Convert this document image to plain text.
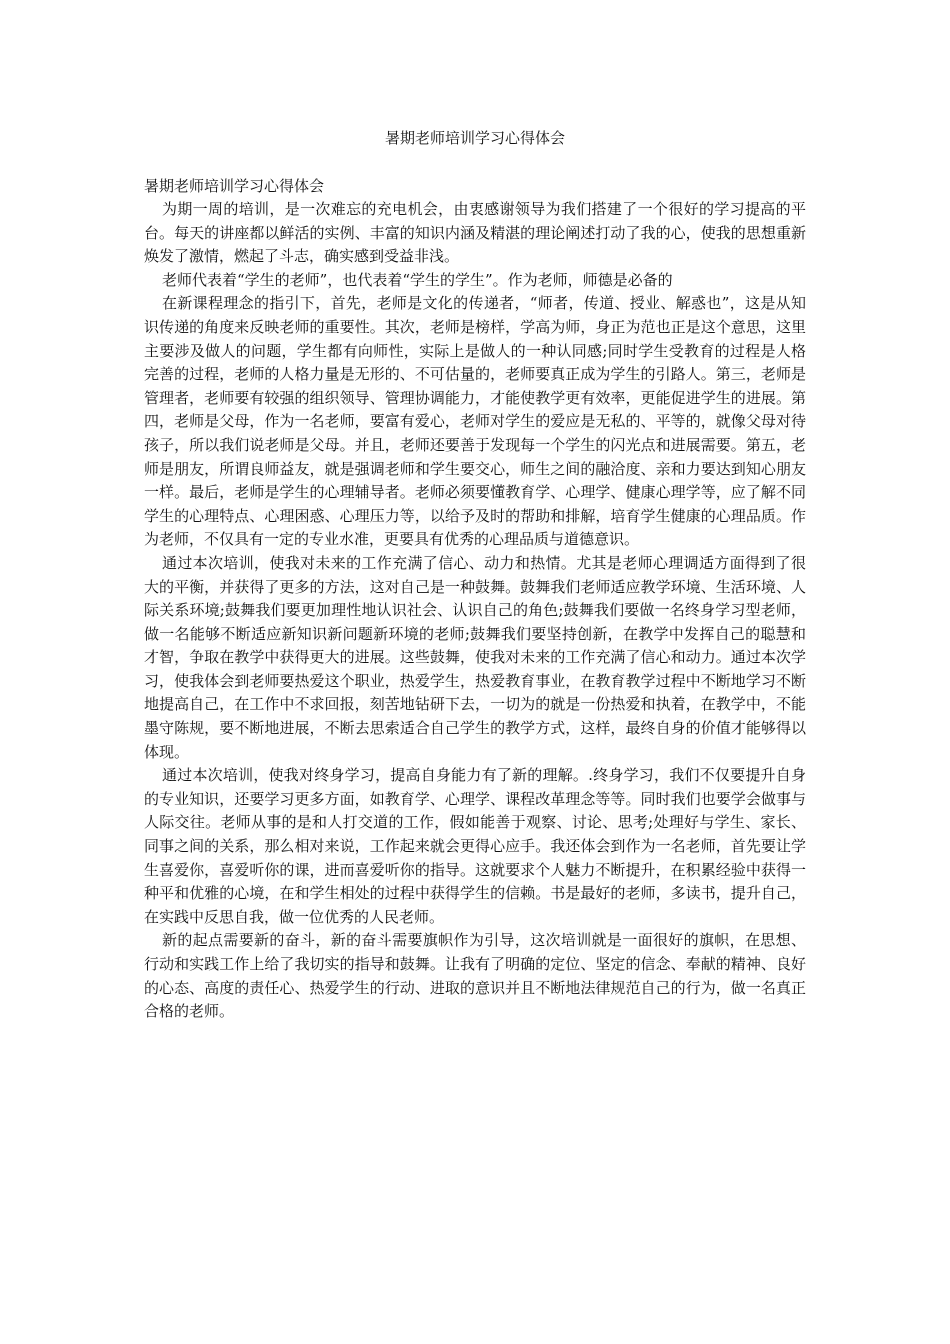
暑期老师培训学习心得体会

暑期老师培训学习心得体会

为期一周的培训，是一次难忘的充电机会，由衷感谢领导为我们搭建了一个很好的学习提高的平台。每天的讲座都以鲜活的实例、丰富的知识内涵及精湛的理论阐述打动了我的心，使我的思想重新焕发了激情，燃起了斗志，确实感到受益非浅。

老师代表着“学生的老师”，也代表着“学生的学生”。作为老师，师德是必备的

在新课程理念的指引下，首先，老师是文化的传递者，“师者，传道、授业、解惑也”，这是从知识传递的角度来反映老师的重要性。其次，老师是榜样，学高为师，身正为范也正是这个意思，这里主要涉及做人的问题，学生都有向师性，实际上是做人的一种认同感;同时学生受教育的过程是人格完善的过程，老师的人格力量是无形的、不可估量的，老师要真正成为学生的引路人。第三，老师是管理者，老师要有较强的组织领导、管理协调能力，才能使教学更有效率，更能促进学生的进展。第四，老师是父母，作为一名老师，要富有爱心，老师对学生的爱应是无私的、平等的，就像父母对待孩子，所以我们说老师是父母。并且，老师还要善于发现每一个学生的闪光点和进展需要。第五，老师是朋友，所谓良师益友，就是强调老师和学生要交心，师生之间的融洽度、亲和力要达到知心朋友一样。最后，老师是学生的心理辅导者。老师必须要懂教育学、心理学、健康心理学等，应了解不同学生的心理特点、心理困惑、心理压力等，以给予及时的帮助和排解，培育学生健康的心理品质。作为老师，不仅具有一定的专业水准，更要具有优秀的心理品质与道德意识。

通过本次培训，使我对未来的工作充满了信心、动力和热情。尤其是老师心理调适方面得到了很大的平衡，并获得了更多的方法，这对自己是一种鼓舞。鼓舞我们老师适应教学环境、生活环境、人际关系环境;鼓舞我们要更加理性地认识社会、认识自己的角色;鼓舞我们要做一名终身学习型老师，做一名能够不断适应新知识新问题新环境的老师;鼓舞我们要坚持创新，在教学中发挥自己的聪慧和才智，争取在教学中获得更大的进展。这些鼓舞，使我对未来的工作充满了信心和动力。通过本次学习，使我体会到老师要热爱这个职业，热爱学生，热爱教育事业，在教育教学过程中不断地学习不断地提高自己，在工作中不求回报，刻苦地钻研下去，一切为的就是一份热爱和执着，在教学中，不能墨守陈规，要不断地进展，不断去思索适合自己学生的教学方式，这样，最终自身的价值才能够得以体现。

通过本次培训，使我对终身学习，提高自身能力有了新的理解。.终身学习，我们不仅要提升自身的专业知识，还要学习更多方面，如教育学、心理学、课程改革理念等等。同时我们也要学会做事与人际交往。老师从事的是和人打交道的工作，假如能善于观察、讨论、思考;处理好与学生、家长、同事之间的关系，那么相对来说，工作起来就会更得心应手。我还体会到作为一名老师，首先要让学生喜爱你，喜爱听你的课，进而喜爱听你的指导。这就要求个人魅力不断提升，在积累经验中获得一种平和优雅的心境，在和学生相处的过程中获得学生的信赖。书是最好的老师，多读书，提升自己，在实践中反思自我，做一位优秀的人民老师。

新的起点需要新的奋斗，新的奋斗需要旗帜作为引导，这次培训就是一面很好的旗帜，在思想、行动和实践工作上给了我切实的指导和鼓舞。让我有了明确的定位、坚定的信念、奉献的精神、良好的心态、高度的责任心、热爱学生的行动、进取的意识并且不断地法律规范自己的行为，做一名真正合格的老师。
